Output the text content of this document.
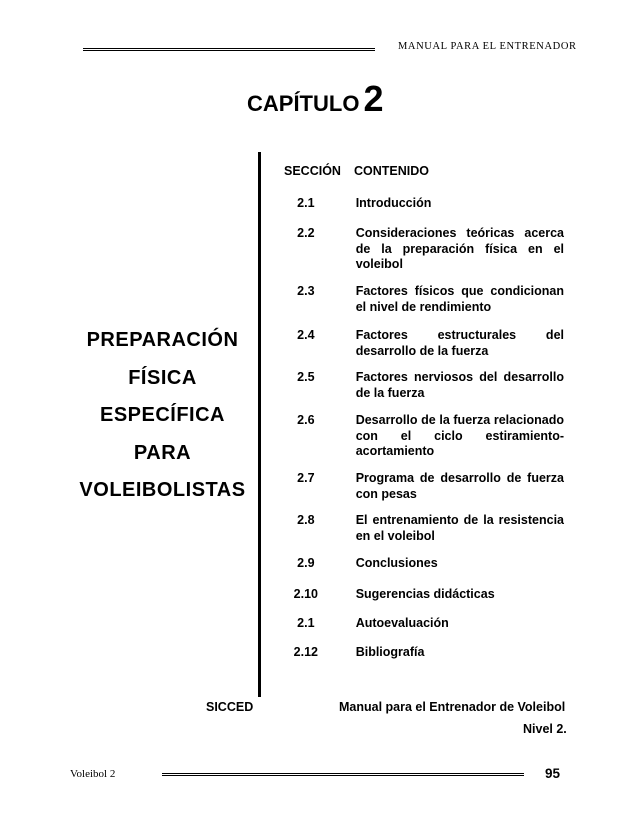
MANUAL PARA EL ENTRENADOR
CAPÍTULO 2
PREPARACIÓN
FÍSICA
ESPECÍFICA
PARA
VOLEIBOLISTAS
SECCIÓN	CONTENIDO
2.1	Introducción
2.2	Consideraciones teóricas acerca de la preparación física en el voleibol
2.3	Factores físicos que condicionan el nivel de rendimiento
2.4	Factores estructurales del desarrollo de la fuerza
2.5	Factores nerviosos del desarrollo de la fuerza
2.6	Desarrollo de la fuerza relacionado con el ciclo estiramiento-acortamiento
2.7	Programa de desarrollo de fuerza con pesas
2.8	El entrenamiento de la resistencia en el voleibol
2.9	Conclusiones
2.10	Sugerencias didácticas
2.1	Autoevaluación
2.12	Bibliografía
SICCED	Manual para el Entrenador de Voleibol
Nivel 2.
Voleibol 2	95
